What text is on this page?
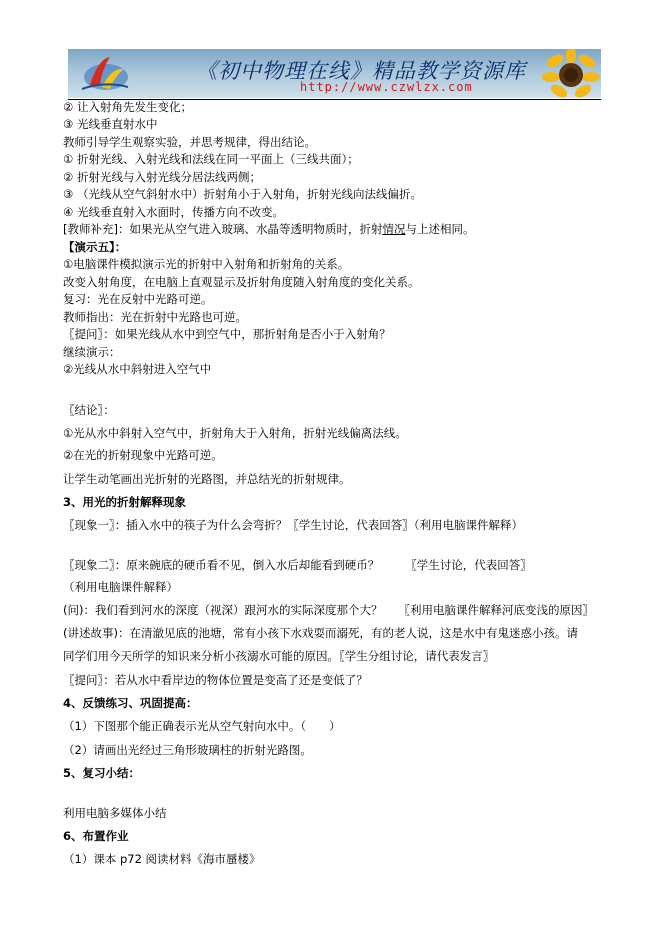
《初中物理在线》精品教学资源库
http://www.czwlzx.com
② 让入射角先发生变化；
③ 光线垂直射水中
教师引导学生观察实验，并思考规律，得出结论。
① 折射光线、入射光线和法线在同一平面上（三线共面）；
② 折射光线与入射光线分居法线两侧；
③ （光线从空气斜射水中）折射角小于入射角，折射光线向法线偏折。
④ 光线垂直射入水面时，传播方向不改变。
[教师补充]：如果光从空气进入玻璃、水晶等透明物质时，折射情况与上述相同。
【演示五】：
①电脑课件模拟演示光的折射中入射角和折射角的关系。
改变入射角度，在电脑上直观显示及折射角度随入射角度的变化关系。
复习：光在反射中光路可逆。
教师指出：光在折射中光路也可逆。
〖提问〗：如果光线从水中到空气中，那折射角是否小于入射角？
继续演示：
②光线从水中斜射进入空气中
〖结论〗：
①光从水中斜射入空气中，折射角大于入射角，折射光线偏离法线。
②在光的折射现象中光路可逆。
让学生动笔画出光折射的光路图，并总结光的折射规律。
3、用光的折射解释现象
〖现象一〗：插入水中的筷子为什么会弯折？〖学生讨论，代表回答〗（利用电脑课件解释）
〖现象二〗：原来碗底的硬币看不见，倒入水后却能看到硬币？ 〖学生讨论，代表回答〗
（利用电脑课件解释）
(问)：我们看到河水的深度（视深）跟河水的实际深度那个大？ 〖利用电脑课件解释河底变浅的原因〗
(讲述故事)：在清澈见底的池塘，常有小孩下水戏耍而溺死，有的老人说，这是水中有鬼迷惑小孩。请
同学们用今天所学的知识来分析小孩溺水可能的原因。〖学生分组讨论，请代表发言〗
〖提问〗：若从水中看岸边的物体位置是变高了还是变低了？
4、反馈练习、巩固提高：
（1）下图那个能正确表示光从空气射向水中。（　　）
（2）请画出光经过三角形玻璃柱的折射光路图。
5、复习小结：
利用电脑多媒体小结
6、布置作业
（1）课本 p72 阅读材料《海市蜃楼》
